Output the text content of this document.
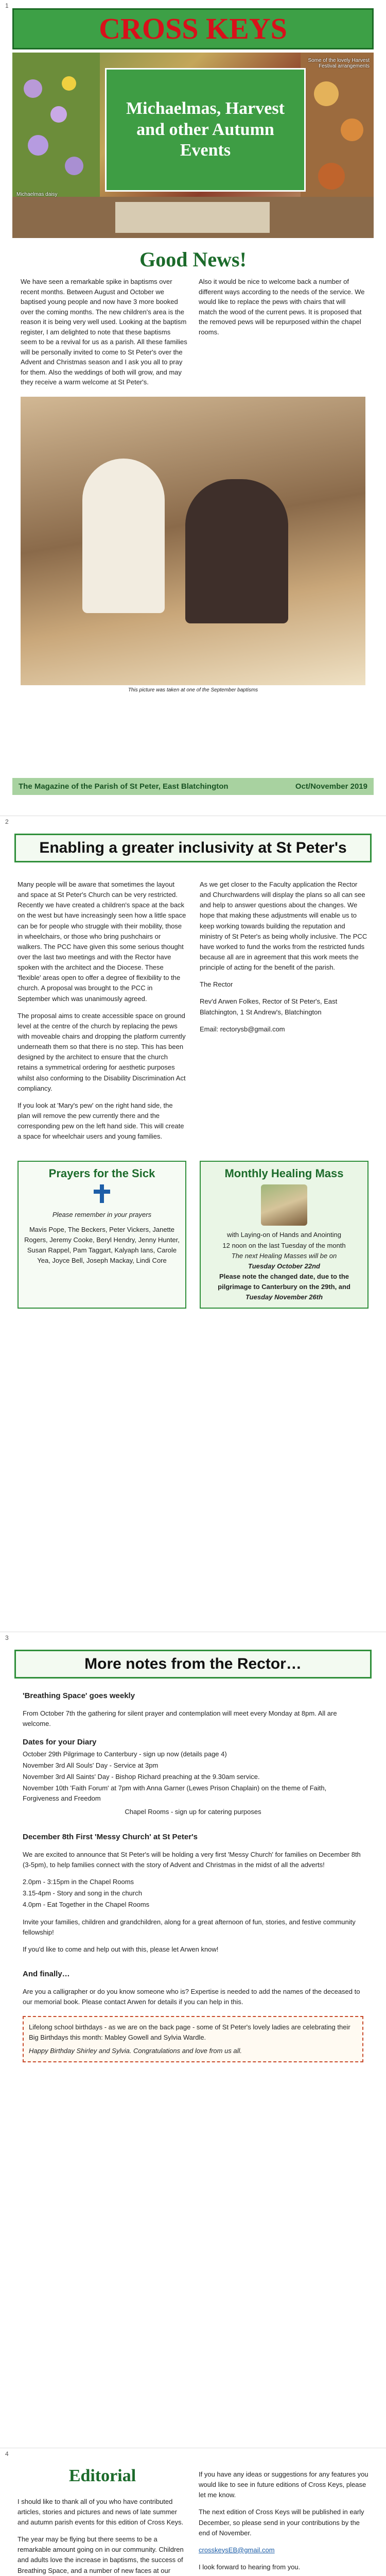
1
CROSS KEYS
Michaelmas, Harvest and other Autumn Events
Michaelmas daisy
Some of the lovely Harvest Festival arrangements
Good News!
We have seen a remarkable spike in baptisms over recent months. Between August and October we baptised young people and now have 3 more booked over the coming months. The new children's area is the reason it is being very well used. Looking at the baptism register, I am delighted to note that these baptisms seem to be a revival for us as a parish. All these families will be personally invited to come to St Peter's over the Advent and Christmas season and I ask you all to pray for them. Also the weddings of both will grow, and may they receive a warm welcome at St Peter's.
Also it would be nice to welcome back a number of different ways according to the needs of the service. We would like to replace the pews with chairs that will match the wood of the current pews. It is proposed that the removed pews will be repurposed within the chapel rooms.
This picture was taken at one of the September baptisms
The Magazine of the Parish of St Peter, East Blatchington	Oct/November 2019
2
Enabling a greater inclusivity at St Peter's

Many people will be aware that sometimes the layout and space at St Peter's Church can be very restricted. Recently we have created a children's space at the back on the west but have increasingly seen how a little space can be for people who struggle with their mobility, those in wheelchairs, or those who bring pushchairs or walkers. The PCC have given this some serious thought over the last two meetings and with the Rector have spoken with the architect and the Diocese. These 'flexible' areas open to offer a degree of flexibility to the church. A proposal was brought to the PCC in September which was unanimously agreed.

The proposal aims to create accessible space on ground level at the centre of the church by replacing the pews with moveable chairs and dropping the platform currently underneath them so that there is no step. This has been designed by the architect to ensure that the church retains a symmetrical ordering for aesthetic purposes whilst also conforming to the Disability Discrimination Act compliancy.

If you look at 'Mary's pew' on the right hand side, the plan will remove the pew currently there and the corresponding pew on the left hand side. This will create a space for wheelchair users and young families.

As we get closer to the Faculty application the Rector and Churchwardens will display the plans so all can see and help to answer questions about the changes. We hope that making these adjustments will enable us to keep working towards building the reputation and ministry of St Peter's as being wholly inclusive. The PCC have worked to fund the works from the restricted funds because all are in agreement that this work meets the principle of acting for the benefit of the parish.

The Rector

Rev'd Arwen Folkes, Rector of St Peter's, East Blatchington, 1 St Andrew's, Blatchington

Email: rectorysb@gmail.com

Prayers for the Sick
Please remember in your prayers
Mavis Pope, The Beckers, Peter Vickers, Janette Rogers, Jeremy Cooke, Beryl Hendry, Jenny Hunter, Susan Rappel, Pam Taggart, Kalyaph Ians, Carole Yea, Joyce Bell, Joseph Mackay, Lindi Core
Monthly Healing Mass
with Laying-on of Hands and Anointing
12 noon on the last Tuesday of the month
The next Healing Masses will be on
Tuesday October 22nd
Please note the changed date, due to the pilgrimage to Canterbury on the 29th, and
Tuesday November 26th
3
More notes from the Rector…
'Breathing Space' goes weekly

From October 7th the gathering for silent prayer and contemplation will meet every Monday at 8pm. All are welcome.

Dates for your Diary
October 29th Pilgrimage to Canterbury - sign up now (details page 4)
November 3rd All Souls' Day - Service at 3pm
November 3rd All Saints' Day - Bishop Richard preaching at the 9.30am service.
November 10th 'Faith Forum' at 7pm with Anna Garner (Lewes Prison Chaplain) on the theme of Faith, Forgiveness and Freedom
Chapel Rooms - sign up for catering purposes
December 8th First 'Messy Church' at St Peter's

We are excited to announce that St Peter's will be holding a very first 'Messy Church' for families on December 8th (3-5pm), to help families connect with the story of Advent and Christmas in the midst of all the adverts!

2.0pm - 3:15pm in the Chapel Rooms
3.15-4pm - Story and song in the church
4.0pm - Eat Together in the Chapel Rooms

Invite your families, children and grandchildren, along for a great afternoon of fun, stories, and festive community fellowship!

If you'd like to come and help out with this, please let Arwen know!

And finally…

Are you a calligrapher or do you know someone who is? Expertise is needed to add the names of the deceased to our memorial book. Please contact Arwen for details if you can help in this.

Lifelong school birthdays - as we are on the back page - some of St Peter's lovely ladies are celebrating their Big Birthdays this month: Mabley Gowell and Sylvia Wardle.
Happy Birthday Shirley and Sylvia. Congratulations and love from us all.
4
Editorial

I should like to thank all of you who have contributed articles, stories and pictures and news of late summer and autumn parish events for this edition of Cross Keys.

The year may be flying but there seems to be a remarkable amount going on in our community. Children and adults love the increase in baptisms, the success of Breathing Space, and a number of new faces at our

If you have any ideas or suggestions for any features you would like to see in future editions of Cross Keys, please let me know.

The next edition of Cross Keys will be published in early December, so please send in your contributions by the end of November.

crosskeysEB@gmail.com

I look forward to hearing from you.
